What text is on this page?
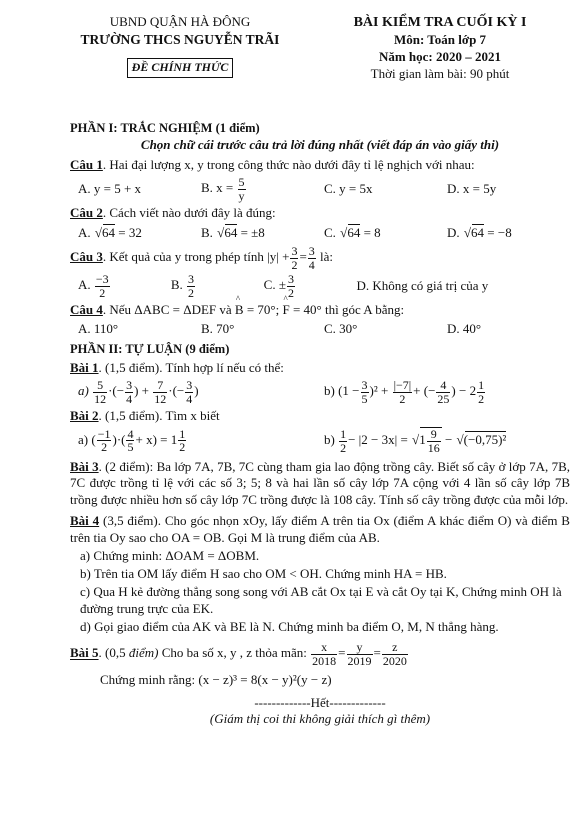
UBND QUẬN HÀ ĐÔNG
TRƯỜNG THCS NGUYỄN TRÃI
ĐỀ CHÍNH THỨC
BÀI KIỂM TRA CUỐI KỲ I
Môn: Toán lớp 7
Năm học: 2020 – 2021
Thời gian làm bài: 90 phút
PHẦN I: TRẮC NGHIỆM (1 điểm)
Chọn chữ cái trước câu trả lời đúng nhất (viết đáp án vào giấy thi)
Câu 1. Hai đại lượng x, y trong công thức nào dưới đây tỉ lệ nghịch với nhau:
A. y = 5 + x	B. $x = \frac{5}{y}$	C. y = 5x	D. x = 5y
Câu 2. Cách viết nào dưới đây là đúng:
A. √ 64 = 32	B. √ 64 = ±8	C. √ 64 = 8	D. √ 64 = −8
Câu 3. Kết quả của y trong phép tính $|y| + \frac{3}{2} = \frac{3}{4}$ là:
A. $\frac{-3}{2}$	B. $\frac{3}{2}$	C. ± $\frac{3}{2}$	D. Không có giá trị của y
Câu 4. Nếu ΔABC = ΔDEF và ^ B = 70°; ^ F = 40° thì góc A bằng:
A. 110°	B. 70°	C. 30°	D. 40°
PHẦN II: TỰ LUẬN (9 điểm)
Bài 1. (1,5 điểm). Tính hợp lí nếu có thể:
$a) \frac{5}{12}$ ·(− $\frac{3}{4}$ ) + $\frac{7}{12}$ ·(− $\frac{3}{4}$ )	b) $(1 - \frac{3}{5} )^2 + \frac{|-7|}{2}$ + (− $\frac{4}{25}$ ) − $2 \frac{1}{2}$
Bài 2. (1,5 điểm). Tìm x biết
a) ( $\frac{-1}{2}$ )·( $\frac{4}{5} + x) = 1 \frac{1}{2}$	$b) \frac{1}{2} - |2 - 3x|$ = √ $1 \frac{9}{16}$ − √ (−0,75)²
Bài 3. (2 điểm): Ba lớp 7A, 7B, 7C cùng tham gia lao động trồng cây. Biết số cây ở lớp 7A, 7B, 7C được trồng tỉ lệ với các số 3; 5; 8 và hai lần số cây lớp 7A cộng với 4 lần số cây lớp 7B trồng được nhiều hơn số cây lớp 7C trồng được là 108 cây. Tính số cây trồng được của mỗi lớp.
Bài 4 (3,5 điểm). Cho góc nhọn xOy, lấy điểm A trên tia Ox (điểm A khác điểm O) và điểm B trên tia Oy sao cho OA = OB. Gọi M là trung điểm của AB.
a) Chứng minh: ΔOAM = ΔOBM.
b) Trên tia OM lấy điểm H sao cho OM < OH. Chứng minh HA = HB.
c) Qua H kẻ đường thẳng song song với AB cắt Ox tại E và cắt Oy tại K, Chứng minh OH là đường trung trực của EK.
d) Gọi giao điểm của AK và BE là N. Chứng minh ba điểm O, M, N thẳng hàng.
Bài 5. (0,5 điểm) Cho ba số x, y , z thỏa mãn: $\frac{x}{2018} = \frac{y}{2019} = \frac{z}{2020}$
Chứng minh rằng: (x − z)³ = 8(x − y)²(y − z)
-------------Hết-------------
(Giám thị coi thi không giải thích gì thêm)
